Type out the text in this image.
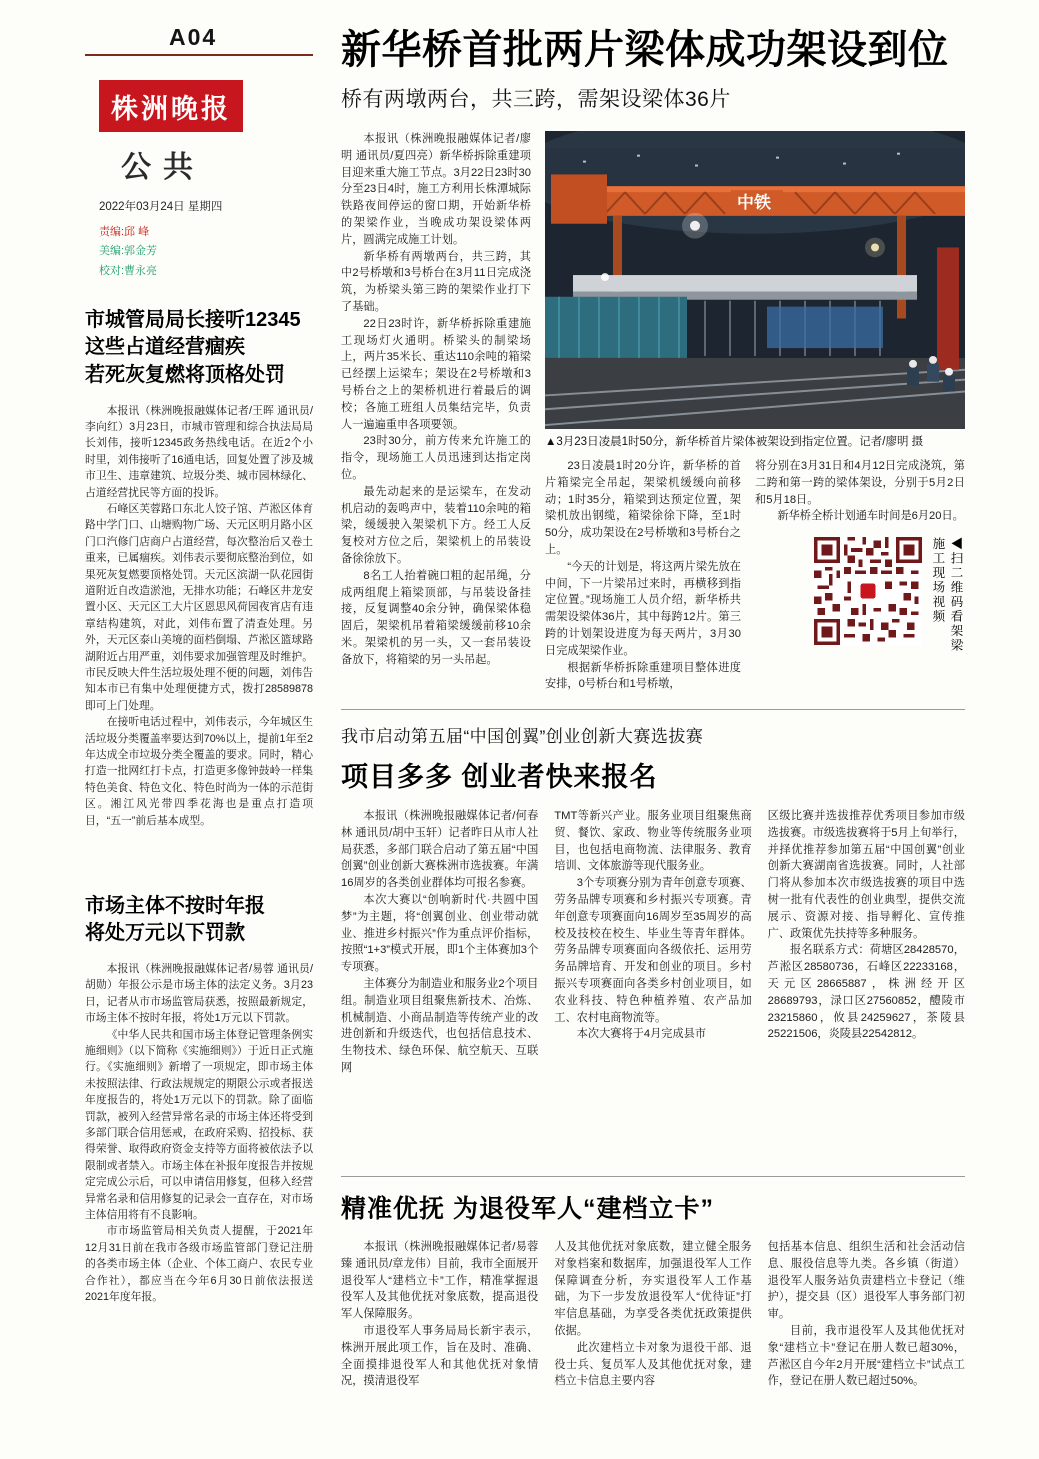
A04
株洲晚报
公共
2022年03月24日 星期四
责编:邱 峰
美编:郭金芳
校对:曹永亮
市城管局局长接听12345
这些占道经营痼疾
若死灰复燃将顶格处罚

本报讯（株洲晚报融媒体记者/王晖 通讯员/李向红）3月23日，市城市管理和综合执法局局长刘伟，接听12345政务热线电话。在近2个小时里，刘伟接听了16通电话，回复处置了涉及城市卫生、违章建筑、垃圾分类、城市园林绿化、占道经营扰民等方面的投诉。

石峰区芙蓉路口东北人饺子馆、芦淞区体育路中学门口、山塘购物广场、天元区明月路小区门口汽修门店商户占道经营，每次整治后又卷土重来，已属痼疾。刘伟表示要彻底整治到位，如果死灰复燃要顶格处罚。天元区滨湖一队花园街道附近自改造淤池，无排水功能；石峰区井龙安置小区、天元区工大片区恩思风荷园夜宵店有违章结构建筑，对此，刘伟布置了清查处理。另外，天元区泰山美境的面档倒塌、芦淞区篮球路湖附近占用严重，刘伟要求加强管理及时维护。市民反映大件生活垃圾处理不便的问题，刘伟告知本市已有集中处理便捷方式，拨打28589878即可上门处理。

在接听电话过程中，刘伟表示，今年城区生活垃圾分类覆盖率要达到70%以上，提前1年至2年达成全市垃圾分类全覆盖的要求。同时，精心打造一批网红打卡点，打造更多像钟鼓岭一样集特色美食、特色文化、特色时尚为一体的示范街区。湘江风光带四季花海也是重点打造项目，“五一”前后基本成型。

市场主体不按时年报
将处万元以下罚款

本报讯（株洲晚报融媒体记者/易蓉 通讯员/胡勋）年报公示是市场主体的法定义务。3月23日，记者从市市场监管局获悉，按照最新规定，市场主体不按时年报，将处1万元以下罚款。

《中华人民共和国市场主体登记管理条例实施细则》（以下简称《实施细则》）于近日正式施行。《实施细则》新增了一项规定，即市场主体未按照法律、行政法规规定的期限公示或者报送年度报告的，将处1万元以下的罚款。除了面临罚款，被列入经营异常名录的市场主体还将受到多部门联合信用惩戒，在政府采购、招投标、获得荣誉、取得政府资金支持等方面将被依法予以限制或者禁入。市场主体在补报年度报告并按规定完成公示后，可以申请信用修复，但移入经营异常名录和信用修复的记录会一直存在，对市场主体信用将有不良影响。

市市场监管局相关负责人提醒，于2021年12月31日前在我市各级市场监管部门登记注册的各类市场主体（企业、个体工商户、农民专业合作社），都应当在今年6月30日前依法报送2021年度年报。

新华桥首批两片梁体成功架设到位
桥有两墩两台，共三跨，需架设梁体36片

本报讯（株洲晚报融媒体记者/廖明 通讯员/夏四亮）新华桥拆除重建项目迎来重大施工节点。3月22日23时30分至23日4时，施工方利用长株潭城际铁路夜间停运的窗口期，开始新华桥的架梁作业，当晚成功架设梁体两片，圆满完成施工计划。

新华桥有两墩两台，共三跨，其中2号桥墩和3号桥台在3月11日完成浇筑，为桥梁头第三跨的架梁作业打下了基础。

22日23时许，新华桥拆除重建施工现场灯火通明。桥梁头的制梁场上，两片35米长、重达110余吨的箱梁已经摆上运梁车；架设在2号桥墩和3号桥台之上的架桥机进行着最后的调校；各施工班组人员集结完毕，负责人一遍遍重申各项要领。

23时30分，前方传来允许施工的指令，现场施工人员迅速到达指定岗位。

最先动起来的是运梁车，在发动机启动的轰鸣声中，装着110余吨的箱梁，缓缓驶入架梁机下方。经工人反复校对方位之后，架梁机上的吊装设备徐徐放下。

8名工人抬着碗口粗的起吊绳，分成两组爬上箱梁顶部，与吊装设备挂接，反复调整40余分钟，确保梁体稳固后，架梁机吊着箱梁缓缓前移10余米。架梁机的另一头，又一套吊装设备放下，将箱梁的另一头吊起。

中铁
▲3月23日凌晨1时50分，新华桥首片梁体被架设到指定位置。记者/廖明 摄

23日凌晨1时20分许，新华桥的首片箱梁完全吊起，架梁机缓缓向前移动；1时35分，箱梁到达预定位置，架梁机放出钢缆，箱梁徐徐下降，至1时50分，成功架设在2号桥墩和3号桥台之上。

“今天的计划是，将这两片梁先放在中间，下一片梁吊过来时，再横移到指定位置。”现场施工人员介绍，新华桥共需架设梁体36片，其中每跨12片。第三跨的计划架设进度为每天两片，3月30日完成架梁作业。

根据新华桥拆除重建项目整体进度安排，0号桥台和1号桥墩，

将分别在3月31日和4月12日完成浇筑，第二跨和第一跨的梁体架设，分别于5月2日和5月18日。

新华桥全桥计划通车时间是6月20日。

◀扫二维码看架梁施工现场视频
我市启动第五届“中国创翼”创业创新大赛选拔赛
项目多多 创业者快来报名

本报讯（株洲晚报融媒体记者/何春林 通讯员/胡中玉轩）记者昨日从市人社局获悉，多部门联合启动了第五届“中国创翼”创业创新大赛株洲市选拔赛。年满16周岁的各类创业群体均可报名参赛。

本次大赛以“创响新时代·共圆中国梦”为主题，将“创翼创业、创业带动就业、推进乡村振兴”作为重点评价指标，按照“1+3”模式开展，即1个主体赛加3个专项赛。

主体赛分为制造业和服务业2个项目组。制造业项目组聚焦新技术、冶炼、机械制造、小商品制造等传统产业的改进创新和升级迭代，也包括信息技术、生物技术、绿色环保、航空航天、互联网

TMT等新兴产业。服务业项目组聚焦商贸、餐饮、家政、物业等传统服务业项目，也包括电商物流、法律服务、教育培训、文体旅游等现代服务业。

3个专项赛分别为青年创意专项赛、劳务品牌专项赛和乡村振兴专项赛。青年创意专项赛面向16周岁至35周岁的高校及技校在校生、毕业生等青年群体。劳务品牌专项赛面向各级依托、运用劳务品牌培育、开发和创业的项目。乡村振兴专项赛面向各类乡村创业项目，如农业科技、特色种植养殖、农产品加工、农村电商物流等。

本次大赛将于4月完成县市

区级比赛并选拔推荐优秀项目参加市级选拔赛。市级选拔赛将于5月上旬举行，并择优推荐参加第五届“中国创翼”创业创新大赛湖南省选拔赛。同时，人社部门将从参加本次市级选拔赛的项目中选树一批有代表性的创业典型，提供交流展示、资源对接、指导孵化、宣传推广、政策优先扶持等多种服务。

报名联系方式：荷塘区28428570，芦淞区28580736，石峰区22233168，天元区28665887，株洲经开区28689793，渌口区27560852，醴陵市23215860，攸县24259627，茶陵县25221506，炎陵县22542812。

精准优抚 为退役军人“建档立卡”

本报讯（株洲晚报融媒体记者/易蓉臻 通讯员/章龙伟）目前，我市全面展开退役军人“建档立卡”工作，精准掌握退役军人及其他优抚对象底数，提高退役军人保障服务。

市退役军人事务局局长新宇表示，株洲开展此项工作，旨在及时、准确、全面摸排退役军人和其他优抚对象情况，摸清退役军

人及其他优抚对象底数，建立健全服务对象档案和数据库，加强退役军人工作保障调查分析，夯实退役军人工作基础，为下一步发放退役军人“优待证”打牢信息基础，为享受各类优抚政策提供依据。

此次建档立卡对象为退役干部、退役士兵、复员军人及其他优抚对象，建档立卡信息主要内容

包括基本信息、组织生活和社会活动信息、服役信息等九类。各乡镇（街道）退役军人服务站负责建档立卡登记（维护），提交县（区）退役军人事务部门初审。

目前，我市退役军人及其他优抚对象“建档立卡”登记在册人数已超30%，芦淞区自今年2月开展“建档立卡”试点工作，登记在册人数已超过50%。
